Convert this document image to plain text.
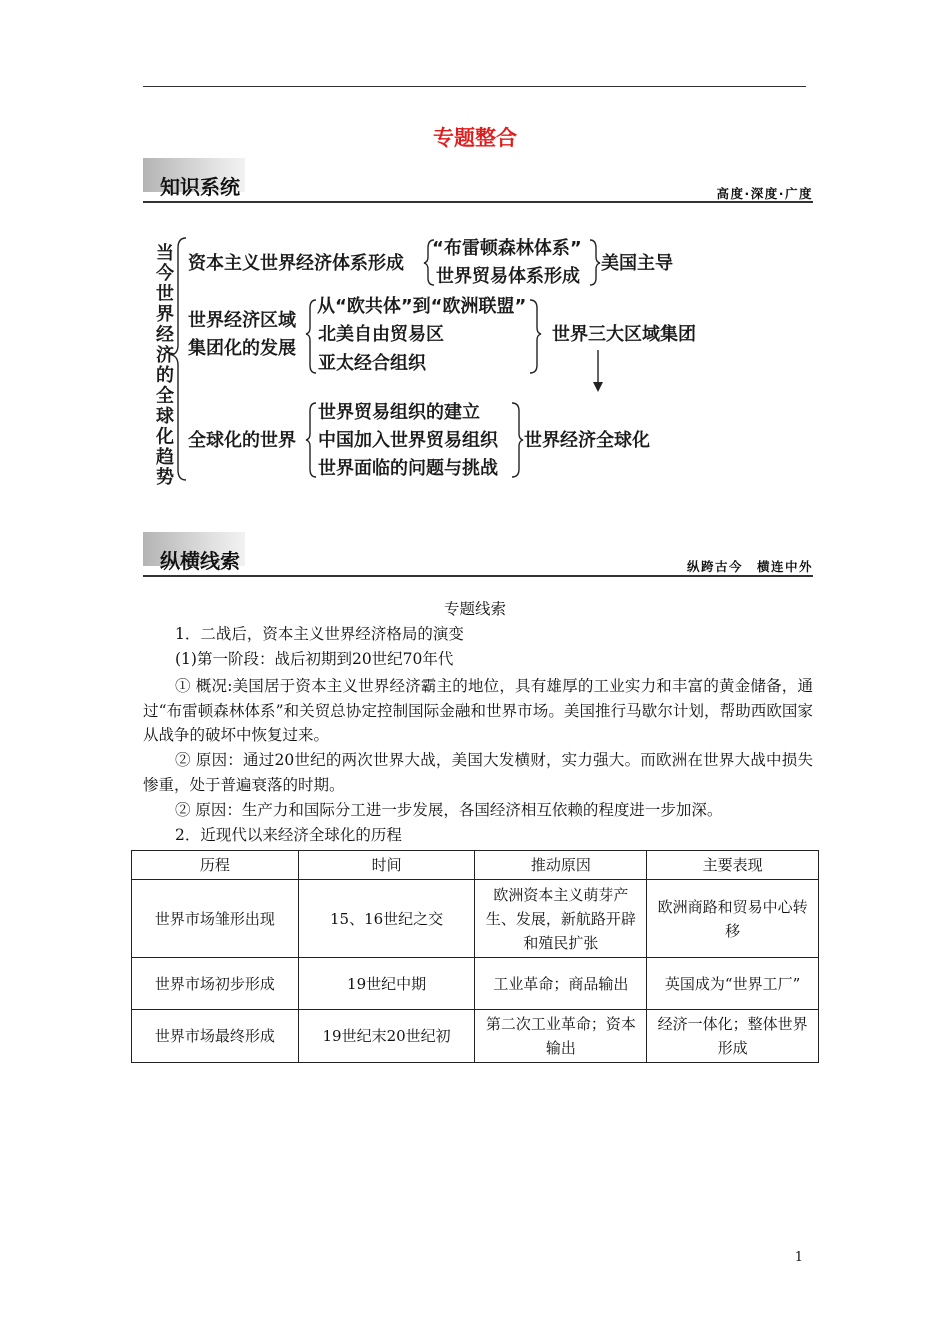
专题整合
知识系统	高度·深度·广度
当今世界经济的全球化趋势 资本主义世界经济体系形成
“布雷顿森林体系”
世界贸易体系形成
美国主导
世界经济区域
集团化的发展
从“欧共体”到“欧洲联盟”
北美自由贸易区
亚太经合组织
世界三大区域集团
全球化的世界
世界贸易组织的建立
中国加入世界贸易组织
世界面临的问题与挑战
世界经济全球化
纵横线索	纵跨古今　横连中外
专题线索
1．二战后，资本主义世界经济格局的演变
(1)第一阶段：战后初期到20世纪70年代
① 概况:美国居于资本主义世界经济霸主的地位，具有雄厚的工业实力和丰富的黄金储备，通过“布雷顿森林体系”和关贸总协定控制国际金融和世界市场。美国推行马歇尔计划，帮助西欧国家从战争的破坏中恢复过来。
② 原因：通过20世纪的两次世界大战，美国大发横财，实力强大。而欧洲在世界大战中损失惨重，处于普遍衰落的时期。
② 原因：生产力和国际分工进一步发展，各国经济相互依赖的程度进一步加深。
2．近现代以来经济全球化的历程
历程	时间	推动原因	主要表现
世界市场雏形出现	15、16世纪之交	欧洲资本主义萌芽产生、发展，新航路开辟和殖民扩张	欧洲商路和贸易中心转移
世界市场初步形成	19世纪中期	工业革命；商品输出	英国成为“世界工厂”
世界市场最终形成	19世纪末20世纪初	第二次工业革命；资本输出	经济一体化；整体世界形成
1
